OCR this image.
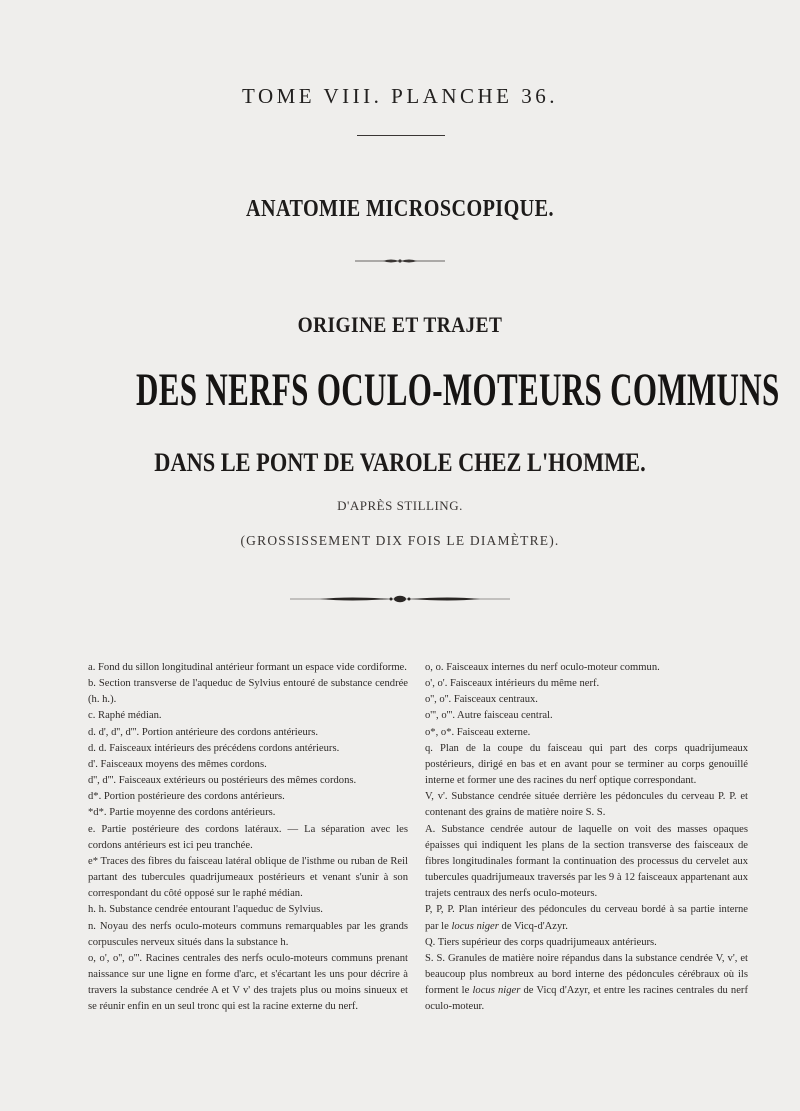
TOME VIII. PLANCHE 36.
ANATOMIE MICROSCOPIQUE.
ORIGINE ET TRAJET
DES NERFS OCULO-MOTEURS COMMUNS
DANS LE PONT DE VAROLE CHEZ L'HOMME.
D'APRÈS STILLING.
(GROSSISSEMENT DIX FOIS LE DIAMÈTRE).

a. Fond du sillon longitudinal antérieur formant un espace vide cordiforme.

b. Section transverse de l'aqueduc de Sylvius entouré de substance cendrée (h. h.).

c. Raphé médian.

d. d', d'', d'''. Portion antérieure des cordons antérieurs.

d. d. Faisceaux intérieurs des précédens cordons antérieurs.

d'. Faisceaux moyens des mêmes cordons.

d'', d'''. Faisceaux extérieurs ou postérieurs des mêmes cordons.

d*. Portion postérieure des cordons antérieurs.

*d*. Partie moyenne des cordons antérieurs.

e. Partie postérieure des cordons latéraux. — La séparation avec les cordons antérieurs est ici peu tranchée.

e* Traces des fibres du faisceau latéral oblique de l'isthme ou ruban de Reil partant des tubercules quadrijumeaux postérieurs et venant s'unir à son correspondant du côté opposé sur le raphé médian.

h. h. Substance cendrée entourant l'aqueduc de Sylvius.

n. Noyau des nerfs oculo-moteurs communs remarquables par les grands corpuscules nerveux situés dans la substance h.

o, o', o'', o'''. Racines centrales des nerfs oculo-moteurs communs prenant naissance sur une ligne en forme d'arc, et s'écartant les uns pour décrire à travers la substance cendrée A et V v' des trajets plus ou moins sinueux et se réunir enfin en un seul tronc qui est la racine externe du nerf.

o, o. Faisceaux internes du nerf oculo-moteur commun.

o', o'. Faisceaux intérieurs du même nerf.

o'', o''. Faisceaux centraux.

o''', o'''. Autre faisceau central.

o*, o*. Faisceau externe.

q. Plan de la coupe du faisceau qui part des corps quadrijumeaux postérieurs, dirigé en bas et en avant pour se terminer au corps genouillé interne et former une des racines du nerf optique correspondant.

V, v'. Substance cendrée située derrière les pédoncules du cerveau P. P. et contenant des grains de matière noire S. S.

A. Substance cendrée autour de laquelle on voit des masses opaques épaisses qui indiquent les plans de la section transverse des faisceaux de fibres longitudinales formant la continuation des processus du cervelet aux tubercules quadrijumeaux traversés par les 9 à 12 faisceaux appartenant aux trajets centraux des nerfs oculo-moteurs.

P, P, P. Plan intérieur des pédoncules du cerveau bordé à sa partie interne par le locus niger de Vicq-d'Azyr.

Q. Tiers supérieur des corps quadrijumeaux antérieurs.

S. S. Granules de matière noire répandus dans la substance cendrée V, v', et beaucoup plus nombreux au bord interne des pédoncules cérébraux où ils forment le locus niger de Vicq d'Azyr, et entre les racines centrales du nerf oculo-moteur.
